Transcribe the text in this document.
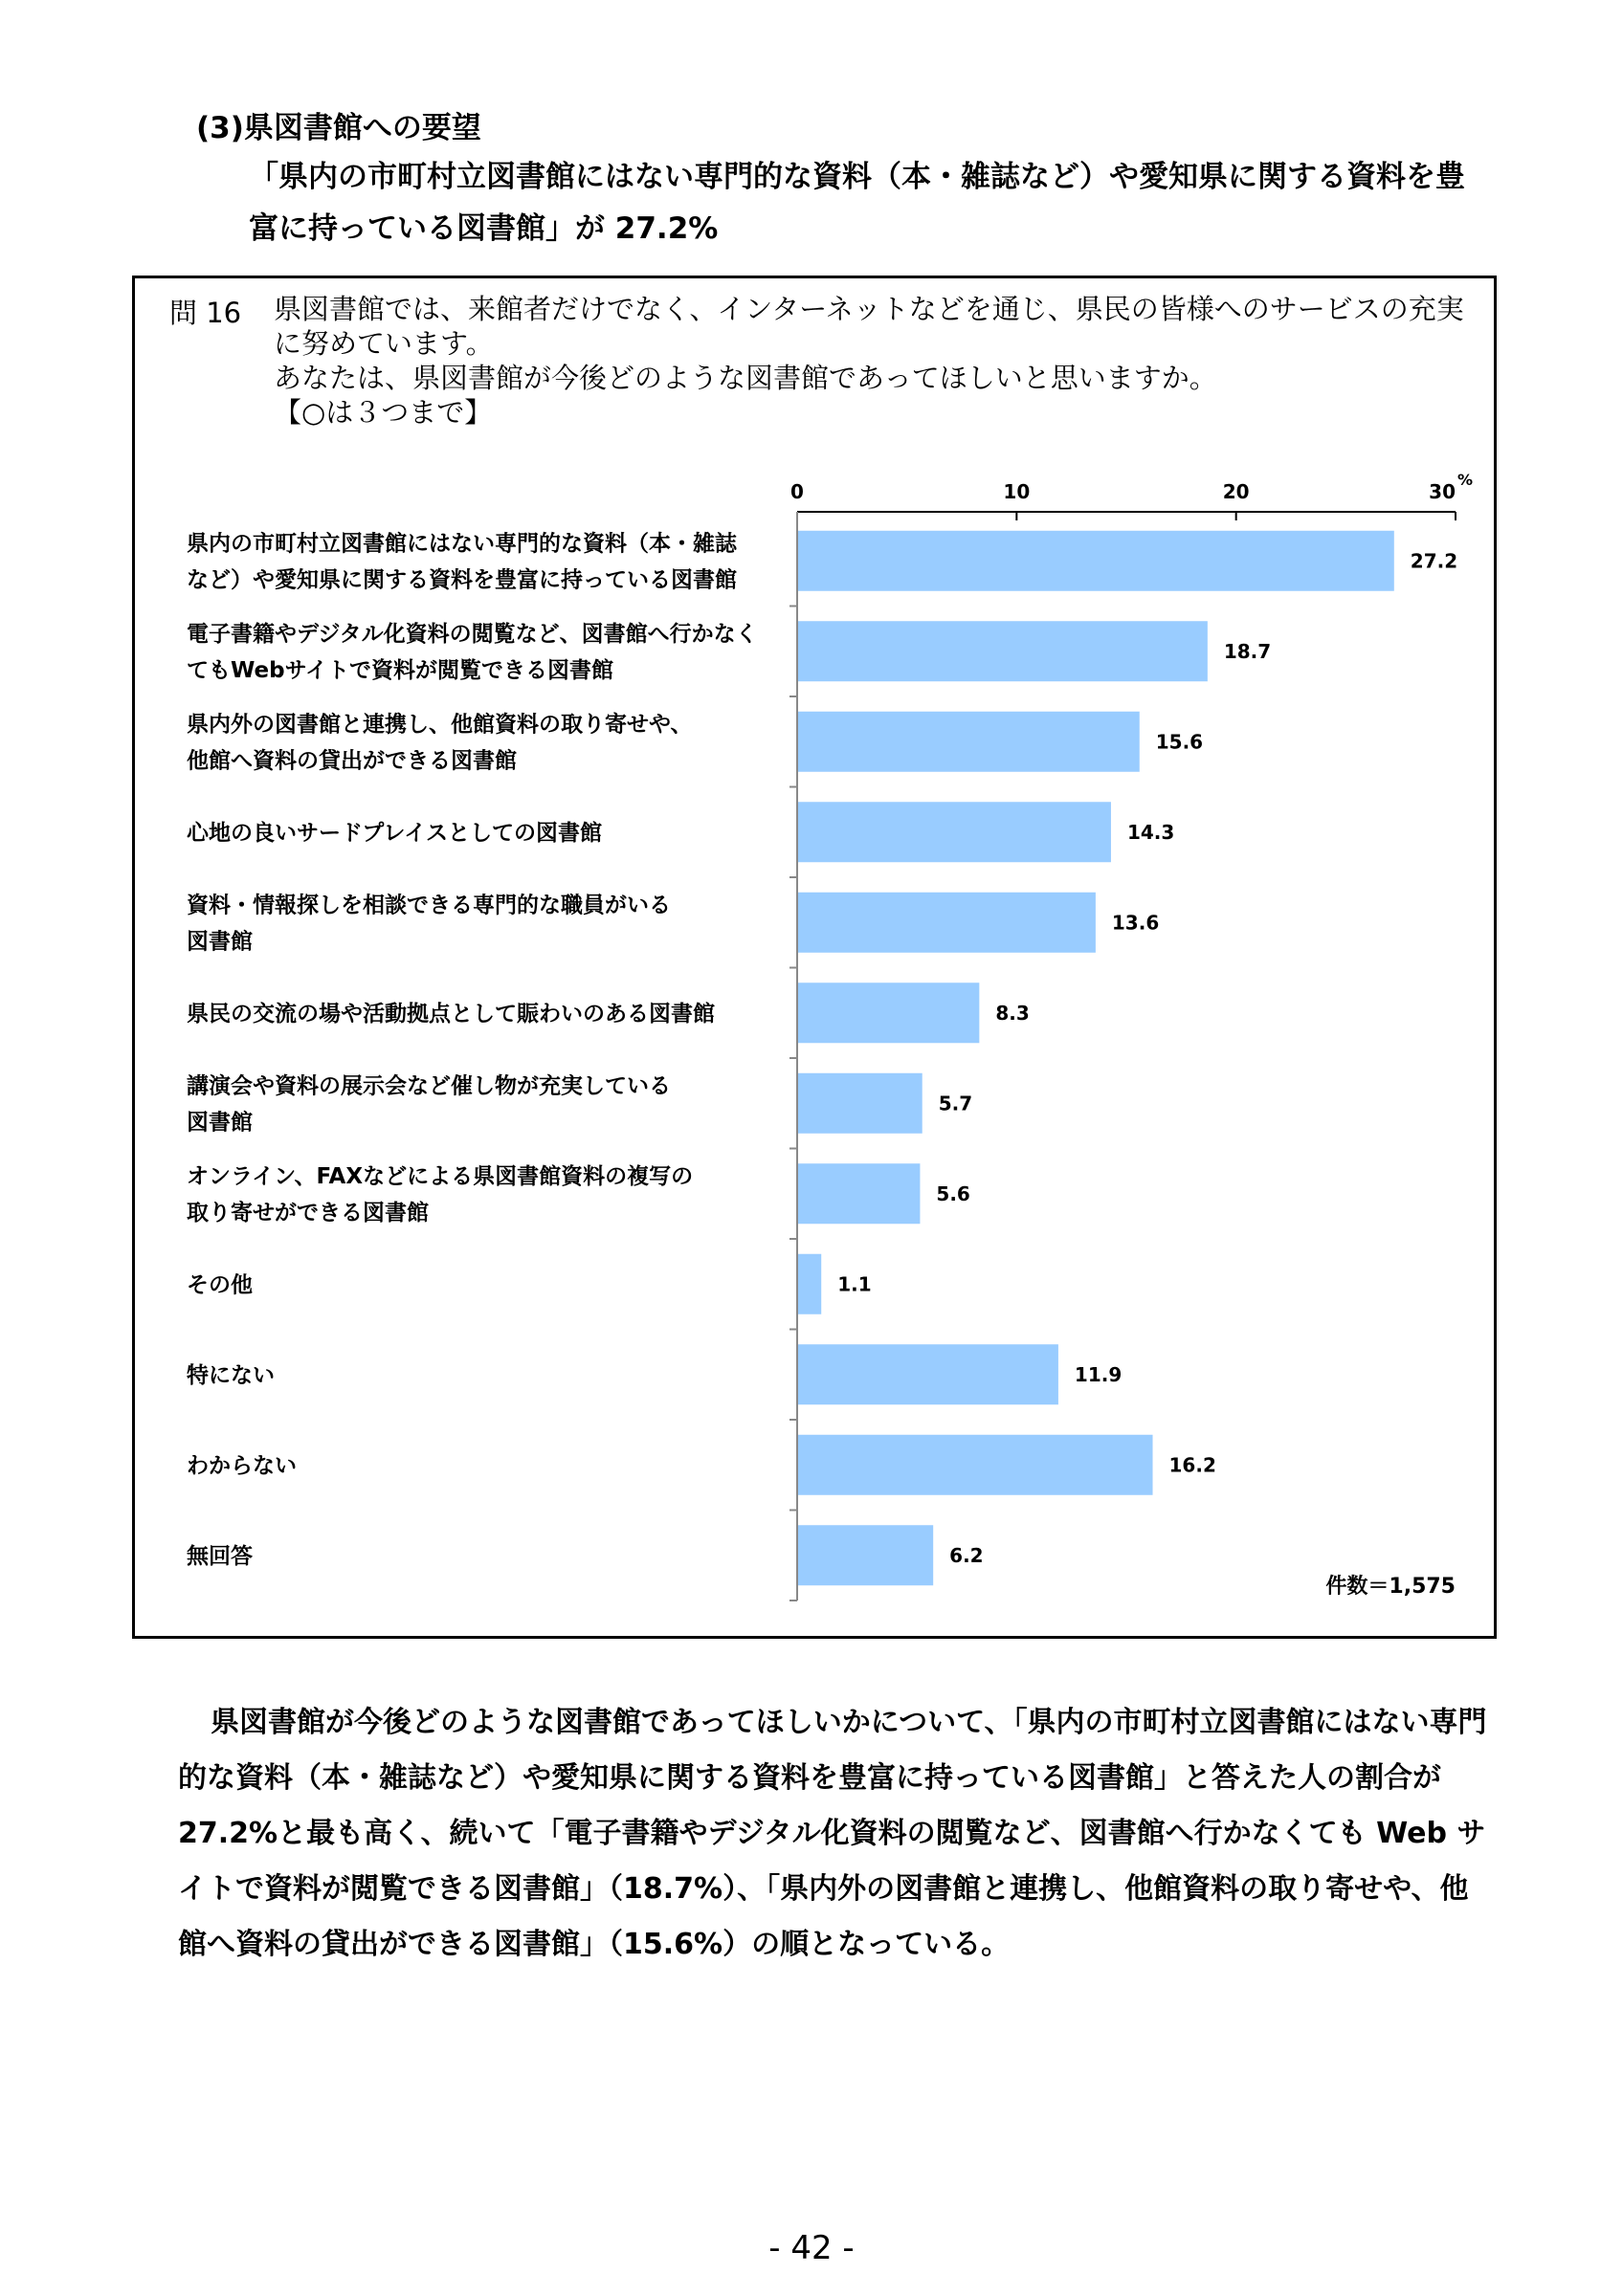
(3)県図書館への要望

「県内の市町村立図書館にはない専門的な資料（本・雑誌など）や愛知県に関する資料を豊富に持っている図書館」が 27.2%

問 16 県図書館では、来館者だけでなく、インターネットなどを通じ、県民の皆様へのサービスの充実に努めています。
あなたは、県図書館が今後どのような図書館であってほしいと思いますか。
【○は３つまで】
0	10	20	30
%
27.2
県内の市町村立図書館にはない専門的な資料（本・雑誌
など）や愛知県に関する資料を豊富に持っている図書館
18.7
電子書籍やデジタル化資料の閲覧など、図書館へ行かなく
てもWebサイトで資料が閲覧できる図書館
15.6
県内外の図書館と連携し、他館資料の取り寄せや、
他館へ資料の貸出ができる図書館
14.3
心地の良いサードプレイスとしての図書館
13.6
資料・情報探しを相談できる専門的な職員がいる
図書館
8.3
県民の交流の場や活動拠点として賑わいのある図書館
5.7
講演会や資料の展示会など催し物が充実している
図書館
5.6
オンライン、FAXなどによる県図書館資料の複写の
取り寄せができる図書館
1.1
その他
11.9
特にない
16.2
わからない
6.2
無回答
件数＝1,575

県図書館が今後どのような図書館であってほしいかについて、「県内の市町村立図書館にはない専門的な資料（本・雑誌など）や愛知県に関する資料を豊富に持っている図書館」と答えた人の割合が 27.2%と最も高く、続いて「電子書籍やデジタル化資料の閲覧など、図書館へ行かなくても Web サイトで資料が閲覧できる図書館」（18.7%）、「県内外の図書館と連携し、他館資料の取り寄せや、他館へ資料の貸出ができる図書館」（15.6%）の順となっている。

- 42 -
